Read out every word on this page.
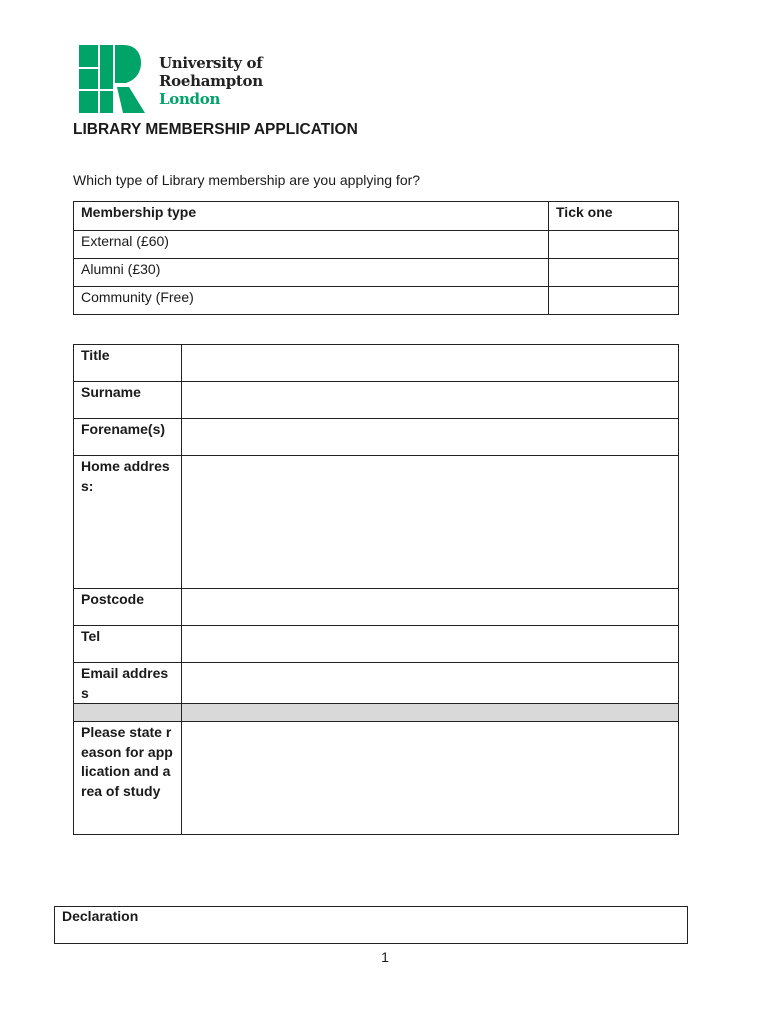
University of
Roehampton
London
LIBRARY MEMBERSHIP APPLICATION

Which type of Library membership are you applying for?

Membership type	Tick one
External (£60)	
Alumni (£30)	
Community (Free)	
Title	
Surname	
Forename(s)	
Home address:	
Postcode	
Tel	
Email address	

Please state reason for application and area of study	
Declaration
1
